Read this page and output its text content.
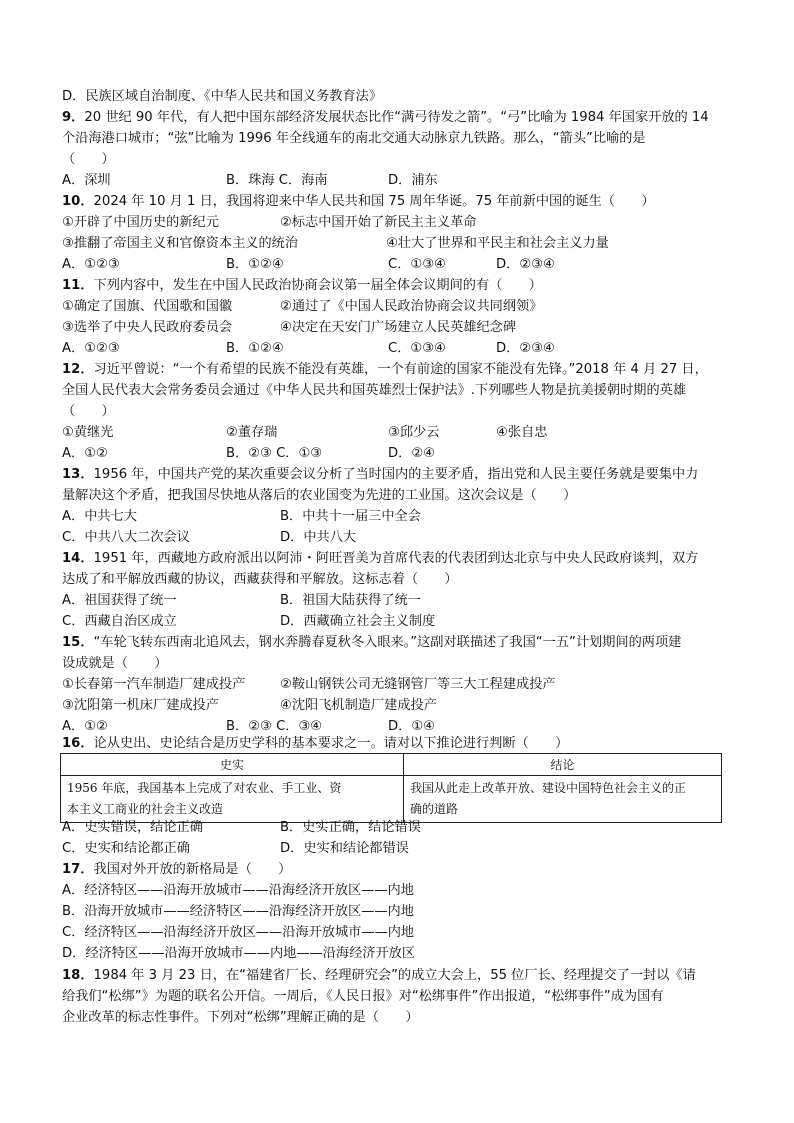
D．民族区域自治制度、《中华人民共和国义务教育法》
9．20 世纪 90 年代，有人把中国东部经济发展状态比作“满弓待发之箭”。“弓”比喻为 1984 年国家开放的 14
个沿海港口城市；“弦”比喻为 1996 年全线通车的南北交通大动脉京九铁路。那么，“箭头”比喻的是
（　　）
A．深圳	B．珠海 C．海南	D．浦东
10．2024 年 10 月 1 日，我国将迎来中华人民共和国 75 周年华诞。75 年前新中国的诞生（　　）
①开辟了中国历史的新纪元	②标志中国开始了新民主主义革命
③推翻了帝国主义和官僚资本主义的统治	④壮大了世界和平民主和社会主义力量
A．①②③	B．①②④	C．①③④	D．②③④
11．下列内容中，发生在中国人民政治协商会议第一届全体会议期间的有（　　）
①确定了国旗、代国歌和国徽	②通过了《中国人民政治协商会议共同纲领》
③选举了中央人民政府委员会	④决定在天安门广场建立人民英雄纪念碑
A．①②③	B．①②④	C．①③④	D．②③④
12．习近平曾说：“一个有希望的民族不能没有英雄，一个有前途的国家不能没有先锋。”2018 年 4 月 27 日，
全国人民代表大会常务委员会通过《中华人民共和国英雄烈士保护法》.下列哪些人物是抗美援朝时期的英雄
（　　）
①黄继光	②董存瑞	③邱少云	④张自忠
A．①②	B．②③ C．①③	D．②④
13．1956 年，中国共产党的某次重要会议分析了当时国内的主要矛盾，指出党和人民主要任务就是要集中力
量解决这个矛盾，把我国尽快地从落后的农业国变为先进的工业国。这次会议是（　　）
A．中共七大	B．中共十一届三中全会
C．中共八大二次会议	D．中共八大
14．1951 年，西藏地方政府派出以阿沛・阿旺晋美为首席代表的代表团到达北京与中央人民政府谈判，双方
达成了和平解放西藏的协议，西藏获得和平解放。这标志着（　　）
A．祖国获得了统一	B．祖国大陆获得了统一
C．西藏自治区成立	D．西藏确立社会主义制度
15．“车轮飞转东西南北追风去，钢水奔腾春夏秋冬入眼来。”这副对联描述了我国“一五”计划期间的两项建
设成就是（　　）
①长春第一汽车制造厂建成投产	②鞍山钢铁公司无缝钢管厂等三大工程建成投产
③沈阳第一机床厂建成投产	④沈阳飞机制造厂建成投产
A．①②	B．②③ C．③④	D．①④
16．论从史出、史论结合是历史学科的基本要求之一。请对以下推论进行判断（　　）
史实	结论
1956 年底，我国基本上完成了对农业、手工业、资
本主义工商业的社会主义改造	我国从此走上改革开放、建设中国特色社会主义的正
确的道路
A．史实错误，结论正确	B．史实正确，结论错误
C．史实和结论都正确	D．史实和结论都错误
17．我国对外开放的新格局是（　　）
A．经济特区——沿海开放城市——沿海经济开放区——内地
B．沿海开放城市——经济特区——沿海经济开放区——内地
C．经济特区——沿海经济开放区——沿海开放城市——内地
D．经济特区——沿海开放城市——内地——沿海经济开放区
18．1984 年 3 月 23 日，在“福建省厂长、经理研究会”的成立大会上，55 位厂长、经理提交了一封以《请
给我们“松绑”》为题的联名公开信。一周后，《人民日报》对“松绑事件”作出报道，“松绑事件”成为国有
企业改革的标志性事件。下列对“松绑”理解正确的是（　　）
